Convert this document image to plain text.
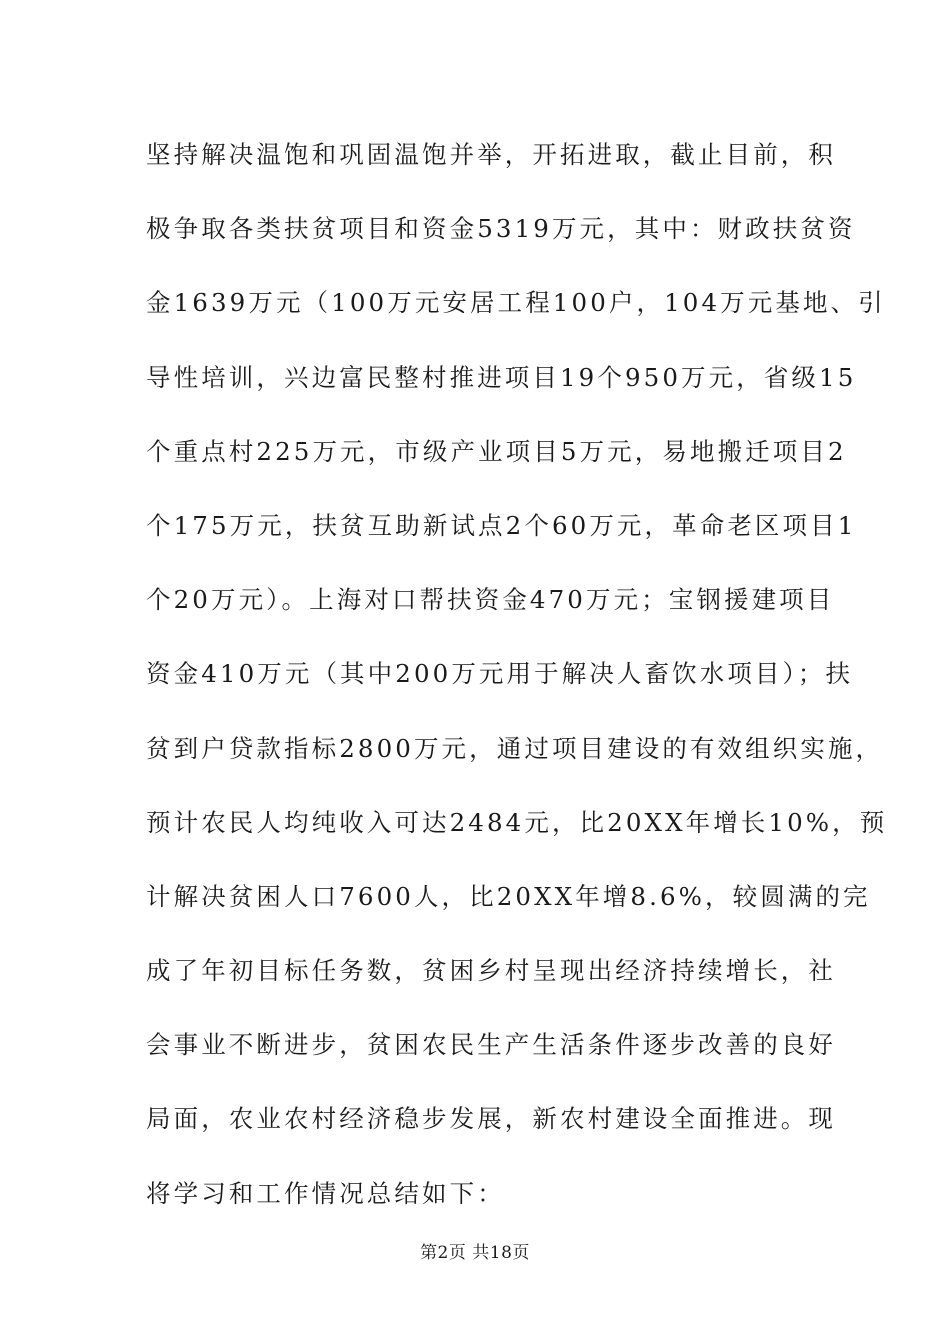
坚持解决温饱和巩固温饱并举，开拓进取，截止目前，积
极争取各类扶贫项目和资金5319万元，其中：财政扶贫资
金1639万元（100万元安居工程100户，104万元基地、引
导性培训，兴边富民整村推进项目19个950万元，省级15
个重点村225万元，市级产业项目5万元，易地搬迁项目2
个175万元，扶贫互助新试点2个60万元，革命老区项目1
个20万元）。上海对口帮扶资金470万元；宝钢援建项目
资金410万元（其中200万元用于解决人畜饮水项目）；扶
贫到户贷款指标2800万元，通过项目建设的有效组织实施，
预计农民人均纯收入可达2484元，比20XX年增长10%，预
计解决贫困人口7600人，比20XX年增8.6%，较圆满的完
成了年初目标任务数，贫困乡村呈现出经济持续增长，社
会事业不断进步，贫困农民生产生活条件逐步改善的良好
局面，农业农村经济稳步发展，新农村建设全面推进。现
将学习和工作情况总结如下：
第2页 共18页
